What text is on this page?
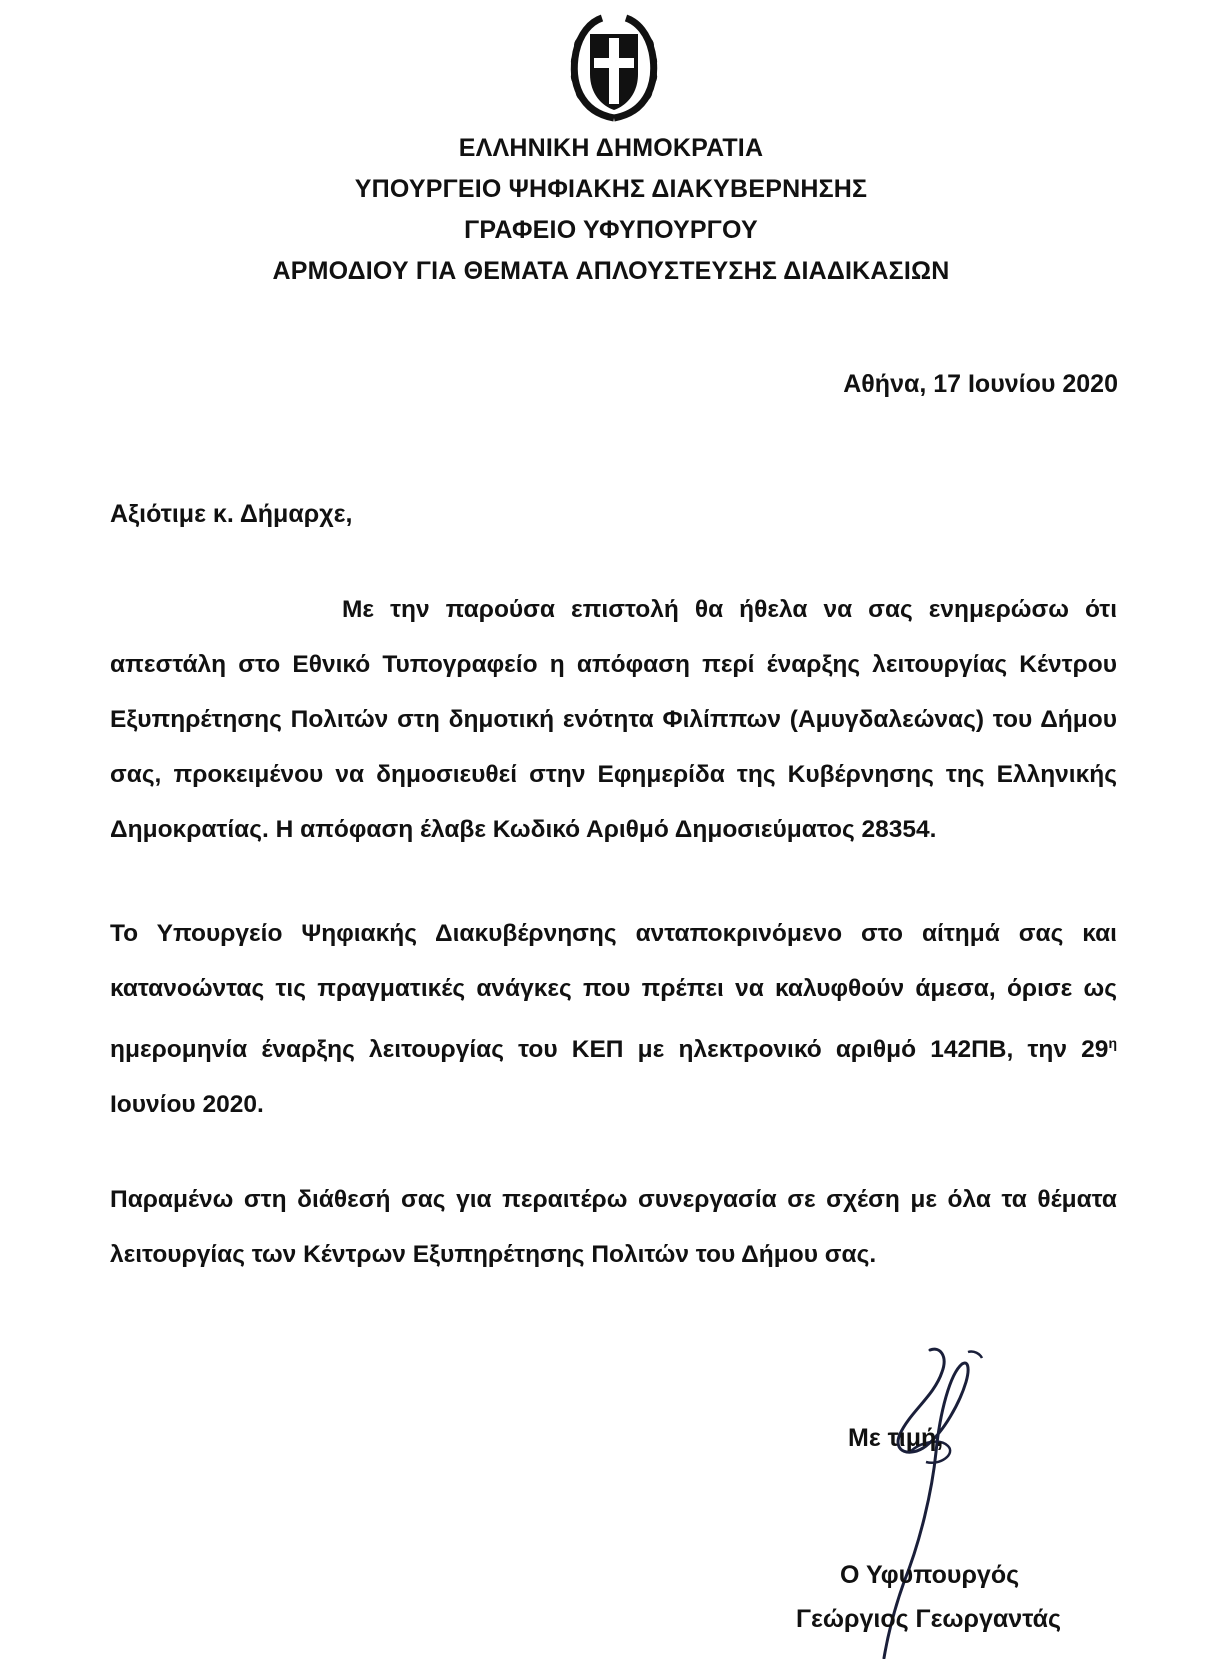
ΕΛΛΗΝΙΚΗ ΔΗΜΟΚΡΑΤΙΑ
ΥΠΟΥΡΓΕΙΟ ΨΗΦΙΑΚΗΣ ΔΙΑΚΥΒΕΡΝΗΣΗΣ
ΓΡΑΦΕΙΟ ΥΦΥΠΟΥΡΓΟΥ
ΑΡΜΟΔΙΟΥ ΓΙΑ ΘΕΜΑΤΑ ΑΠΛΟΥΣΤΕΥΣΗΣ ΔΙΑΔΙΚΑΣΙΩΝ
Αθήνα, 17 Ιουνίου 2020
Αξιότιμε κ. Δήμαρχε,
Με την παρούσα επιστολή θα ήθελα να σας ενημερώσω ότι απεστάλη στο Εθνικό Τυπογραφείο η απόφαση περί έναρξης λειτουργίας Κέντρου Εξυπηρέτησης Πολιτών στη δημοτική ενότητα Φιλίππων (Αμυγδαλεώνας) του Δήμου σας, προκειμένου να δημοσιευθεί στην Εφημερίδα της Κυβέρνησης της Ελληνικής Δημοκρατίας. Η απόφαση έλαβε Κωδικό Αριθμό Δημοσιεύματος 28354.
Το Υπουργείο Ψηφιακής Διακυβέρνησης ανταποκρινόμενο στο αίτημά σας και κατανοώντας τις πραγματικές ανάγκες που πρέπει να καλυφθούν άμεσα, όρισε ως ημερομηνία έναρξης λειτουργίας του ΚΕΠ με ηλεκτρονικό αριθμό 142ΠΒ, την $29^\eta$ Ιουνίου 2020.
Παραμένω στη διάθεσή σας για περαιτέρω συνεργασία σε σχέση με όλα τα θέματα λειτουργίας των Κέντρων Εξυπηρέτησης Πολιτών του Δήμου σας.
Με τιμή,
Ο Υφυπουργός
Γεώργιος Γεωργαντάς
